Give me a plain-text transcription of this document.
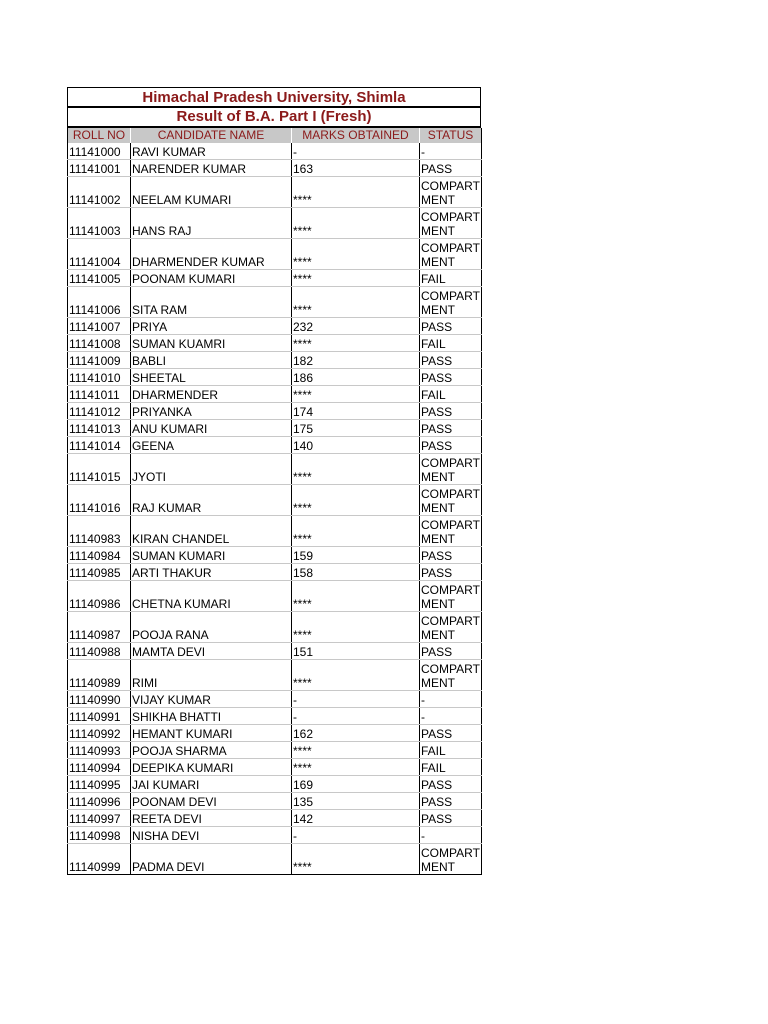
Himachal Pradesh University, Shimla
Result of B.A. Part I (Fresh)
ROLL NO	CANDIDATE NAME	MARKS OBTAINED	STATUS
11141000	RAVI KUMAR	-	-
11141001	NARENDER KUMAR	163	PASS
11141002	NEELAM KUMARI	****	COMPARTMENT
11141003	HANS RAJ	****	COMPARTMENT
11141004	DHARMENDER KUMAR	****	COMPARTMENT
11141005	POONAM KUMARI	****	FAIL
11141006	SITA RAM	****	COMPARTMENT
11141007	PRIYA	232	PASS
11141008	SUMAN KUAMRI	****	FAIL
11141009	BABLI	182	PASS
11141010	SHEETAL	186	PASS
11141011	DHARMENDER	****	FAIL
11141012	PRIYANKA	174	PASS
11141013	ANU KUMARI	175	PASS
11141014	GEENA	140	PASS
11141015	JYOTI	****	COMPARTMENT
11141016	RAJ KUMAR	****	COMPARTMENT
11140983	KIRAN CHANDEL	****	COMPARTMENT
11140984	SUMAN KUMARI	159	PASS
11140985	ARTI THAKUR	158	PASS
11140986	CHETNA KUMARI	****	COMPARTMENT
11140987	POOJA RANA	****	COMPARTMENT
11140988	MAMTA DEVI	151	PASS
11140989	RIMI	****	COMPARTMENT
11140990	VIJAY KUMAR	-	-
11140991	SHIKHA BHATTI	-	-
11140992	HEMANT KUMARI	162	PASS
11140993	POOJA SHARMA	****	FAIL
11140994	DEEPIKA KUMARI	****	FAIL
11140995	JAI KUMARI	169	PASS
11140996	POONAM DEVI	135	PASS
11140997	REETA DEVI	142	PASS
11140998	NISHA DEVI	-	-
11140999	PADMA DEVI	****	COMPARTMENT
